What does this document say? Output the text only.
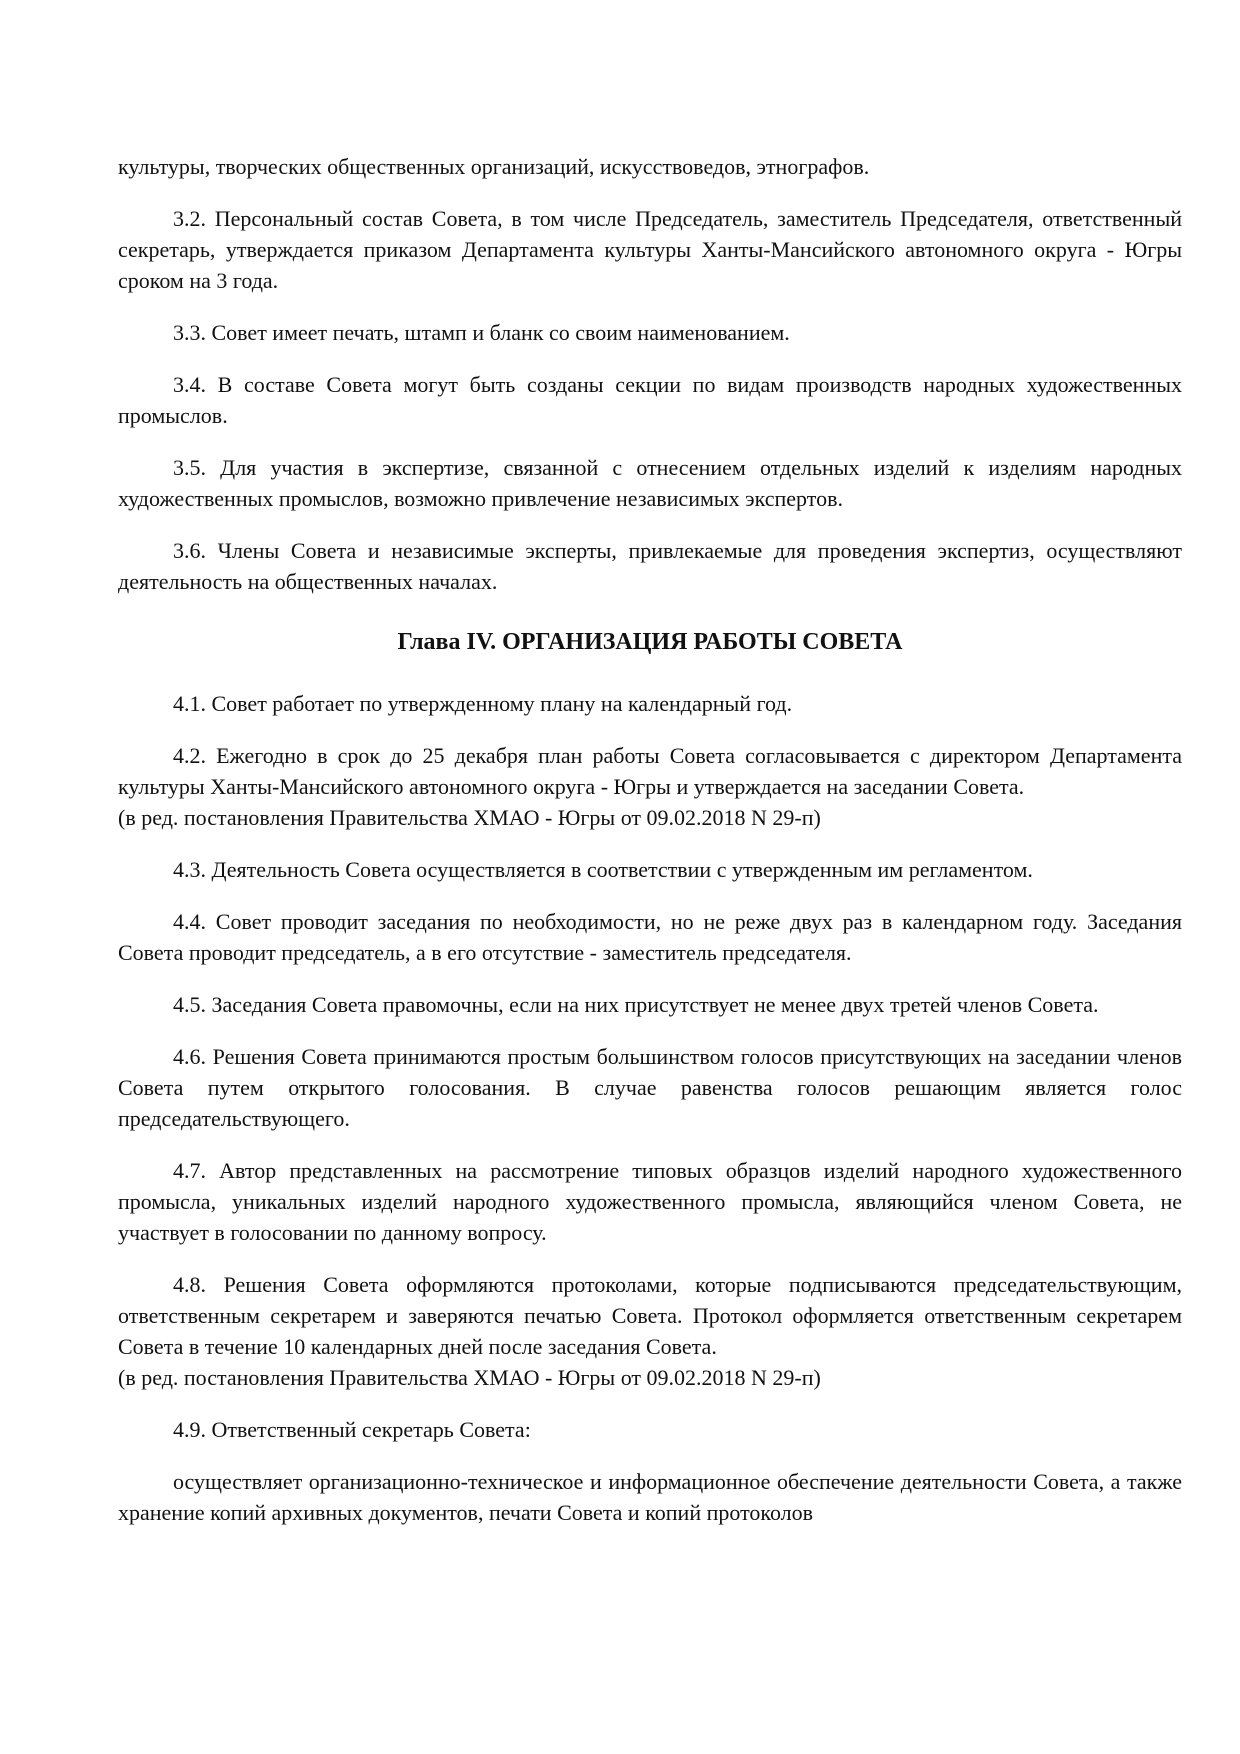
культуры, творческих общественных организаций, искусствоведов, этнографов.
3.2. Персональный состав Совета, в том числе Председатель, заместитель Председателя, ответственный секретарь, утверждается приказом Департамента культуры Ханты-Мансийского автономного округа - Югры сроком на 3 года.
3.3. Совет имеет печать, штамп и бланк со своим наименованием.
3.4. В составе Совета могут быть созданы секции по видам производств народных художественных промыслов.
3.5. Для участия в экспертизе, связанной с отнесением отдельных изделий к изделиям народных художественных промыслов, возможно привлечение независимых экспертов.
3.6. Члены Совета и независимые эксперты, привлекаемые для проведения экспертиз, осуществляют деятельность на общественных началах.
Глава IV. ОРГАНИЗАЦИЯ РАБОТЫ СОВЕТА
4.1. Совет работает по утвержденному плану на календарный год.
4.2. Ежегодно в срок до 25 декабря план работы Совета согласовывается с директором Департамента культуры Ханты-Мансийского автономного округа - Югры и утверждается на заседании Совета.
(в ред. постановления Правительства ХМАО - Югры от 09.02.2018 N 29-п)
4.3. Деятельность Совета осуществляется в соответствии с утвержденным им регламентом.
4.4. Совет проводит заседания по необходимости, но не реже двух раз в календарном году. Заседания Совета проводит председатель, а в его отсутствие - заместитель председателя.
4.5. Заседания Совета правомочны, если на них присутствует не менее двух третей членов Совета.
4.6. Решения Совета принимаются простым большинством голосов присутствующих на заседании членов Совета путем открытого голосования. В случае равенства голосов решающим является голос председательствующего.
4.7. Автор представленных на рассмотрение типовых образцов изделий народного художественного промысла, уникальных изделий народного художественного промысла, являющийся членом Совета, не участвует в голосовании по данному вопросу.
4.8. Решения Совета оформляются протоколами, которые подписываются председательствующим, ответственным секретарем и заверяются печатью Совета. Протокол оформляется ответственным секретарем Совета в течение 10 календарных дней после заседания Совета.
(в ред. постановления Правительства ХМАО - Югры от 09.02.2018 N 29-п)
4.9. Ответственный секретарь Совета:
осуществляет организационно-техническое и информационное обеспечение деятельности Совета, а также хранение копий архивных документов, печати Совета и копий протоколов
